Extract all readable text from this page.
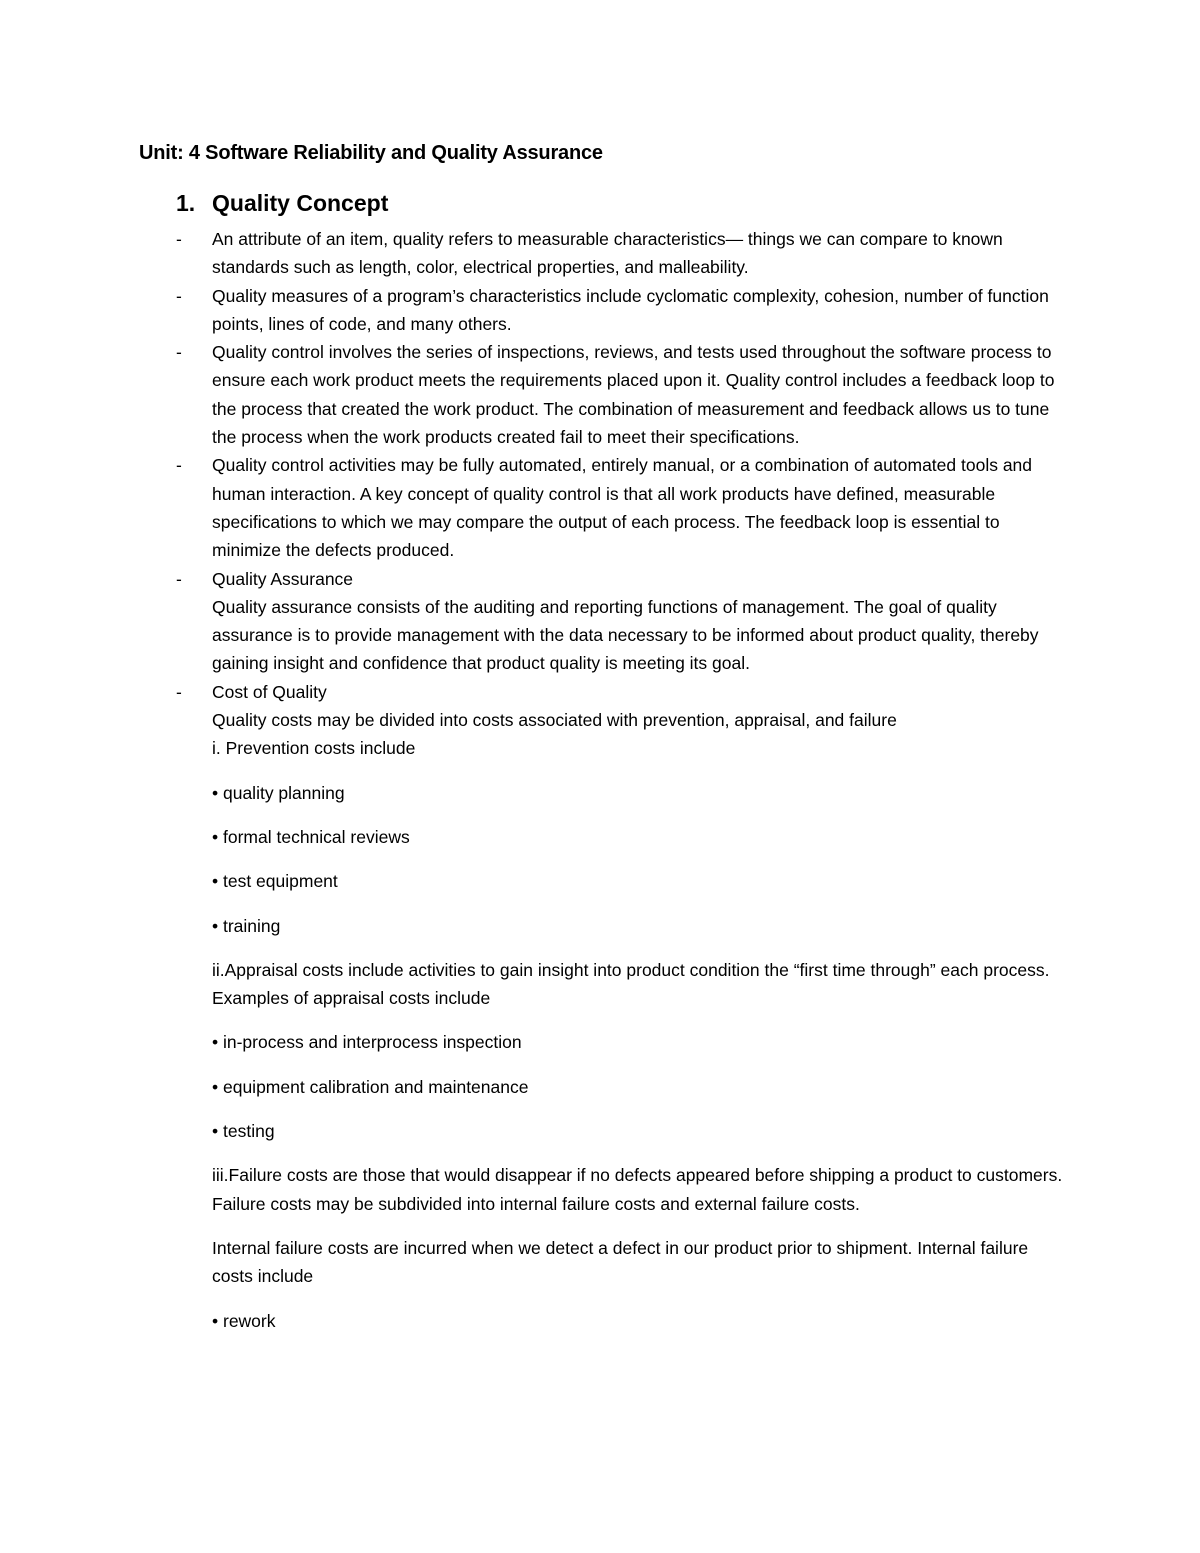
Unit: 4 Software Reliability and Quality Assurance
1. Quality Concept
- An attribute of an item, quality refers to measurable characteristics— things we can compare to known standards such as length, color, electrical properties, and malleability.

- Quality measures of a program’s characteristics include cyclomatic complexity, cohesion, number of function points, lines of code, and many others.

- Quality control involves the series of inspections, reviews, and tests used throughout the software process to ensure each work product meets the requirements placed upon it. Quality control includes a feedback loop to the process that created the work product. The combination of measurement and feedback allows us to tune the process when the work products created fail to meet their specifications.

- Quality control activities may be fully automated, entirely manual, or a combination of automated tools and human interaction. A key concept of quality control is that all work products have defined, measurable specifications to which we may compare the output of each process. The feedback loop is essential to minimize the defects produced.

- Quality Assurance

Quality assurance consists of the auditing and reporting functions of management. The goal of quality assurance is to provide management with the data necessary to be informed about product quality, thereby gaining insight and confidence that product quality is meeting its goal.

- Cost of Quality

Quality costs may be divided into costs associated with prevention, appraisal, and failure

i. Prevention costs include

• quality planning

• formal technical reviews

• test equipment

• training

ii.Appraisal costs include activities to gain insight into product condition the “first time through” each process. Examples of appraisal costs include

• in-process and interprocess inspection

• equipment calibration and maintenance

• testing

iii.Failure costs are those that would disappear if no defects appeared before shipping a product to customers. Failure costs may be subdivided into internal failure costs and external failure costs.

Internal failure costs are incurred when we detect a defect in our product prior to shipment. Internal failure costs include

• rework
